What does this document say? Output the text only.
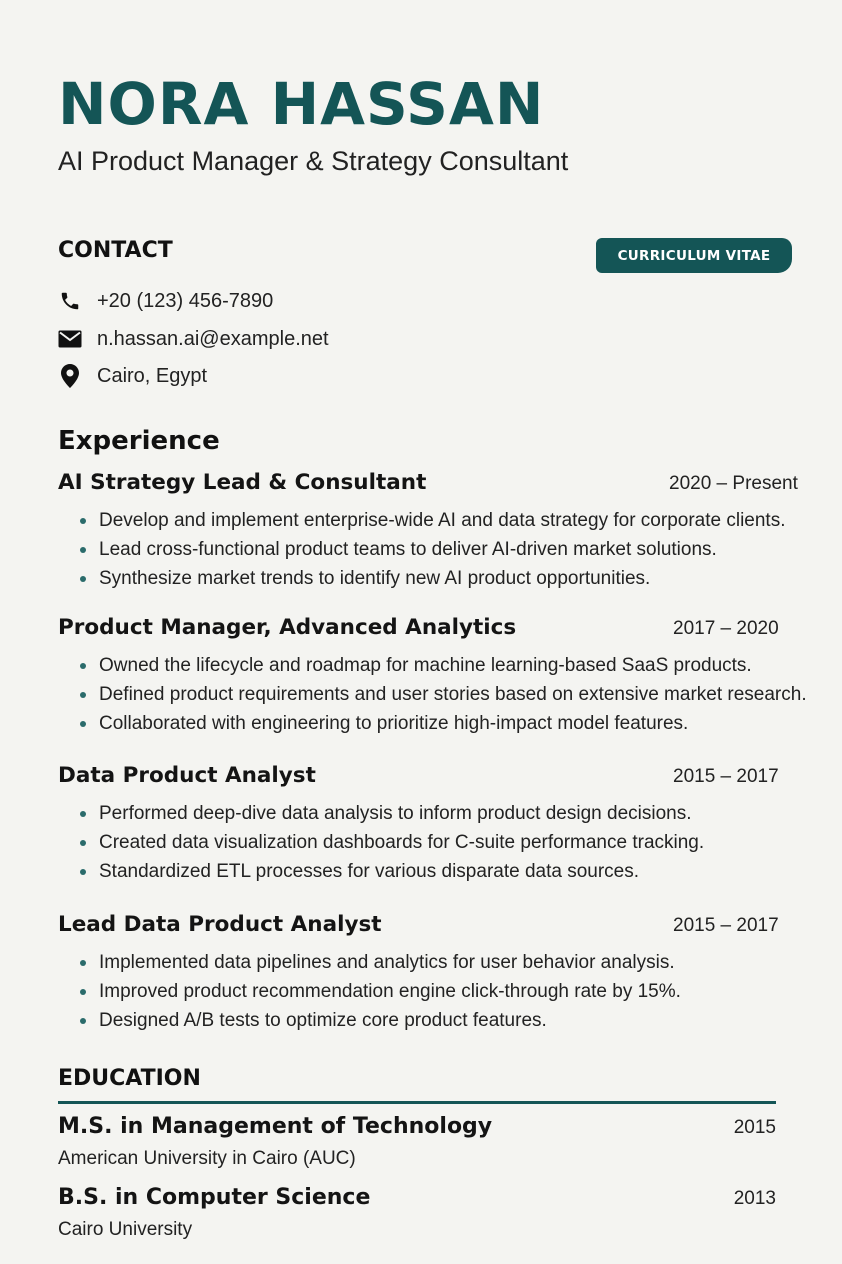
NORA HASSAN
AI Product Manager & Strategy Consultant
CONTACT	CURRICULUM VITAE
+20 (123) 456-7890
n.hassan.ai@example.net
Cairo, Egypt
Experience
AI Strategy Lead & Consultant	2020 – Present
Develop and implement enterprise-wide AI and data strategy for corporate clients.
Lead cross-functional product teams to deliver AI-driven market solutions.
Synthesize market trends to identify new AI product opportunities.
Product Manager, Advanced Analytics	2017 – 2020
Owned the lifecycle and roadmap for machine learning-based SaaS products.
Defined product requirements and user stories based on extensive market research.
Collaborated with engineering to prioritize high-impact model features.
Data Product Analyst	2015 – 2017
Performed deep-dive data analysis to inform product design decisions.
Created data visualization dashboards for C-suite performance tracking.
Standardized ETL processes for various disparate data sources.
Lead Data Product Analyst	2015 – 2017
Implemented data pipelines and analytics for user behavior analysis.
Improved product recommendation engine click-through rate by 15%.
Designed A/B tests to optimize core product features.
EDUCATION
M.S. in Management of Technology	2015
American University in Cairo (AUC)
B.S. in Computer Science	2013
Cairo University
